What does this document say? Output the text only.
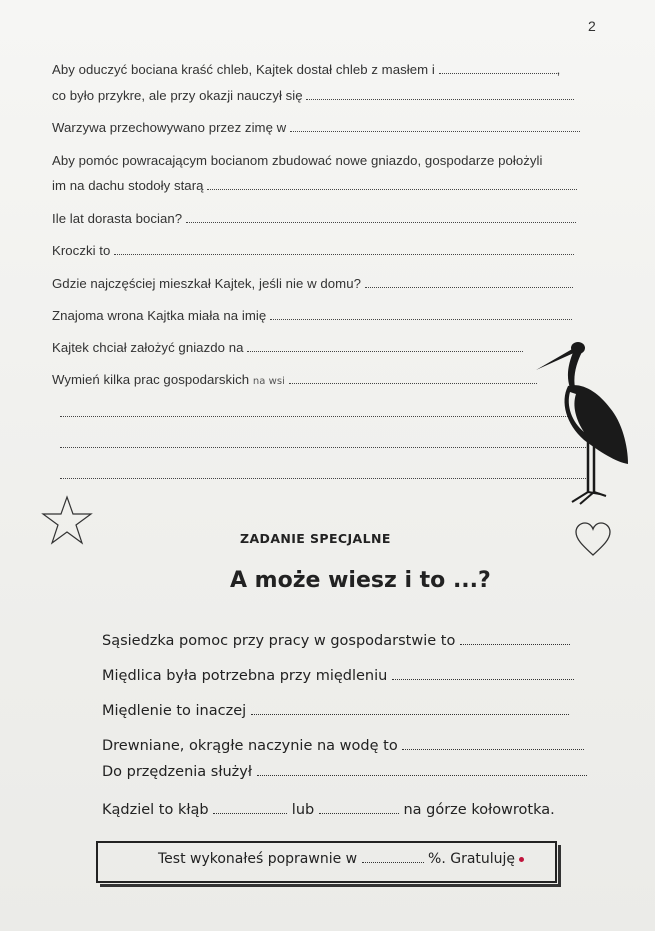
2
Aby oduczyć bociana kraść chleb, Kajtek dostał chleb z masłem i	,
co było przykre, ale przy okazji nauczył się
Warzywa przechowywano przez zimę w
Aby pomóc powracającym bocianom zbudować nowe gniazdo, gospodarze położyli
im na dachu stodoły starą
Ile lat dorasta bocian?
Kroczki to
Gdzie najczęściej mieszkał Kajtek, jeśli nie w domu?
Znajoma wrona Kajtka miała na imię
Kajtek chciał założyć gniazdo na
Wymień kilka prac gospodarskich na wsi
ZADANIE SPECJALNE
A może wiesz i to ...?
Sąsiedzka pomoc przy pracy w gospodarstwie to
Międlica była potrzebna przy międleniu
Międlenie to inaczej
Drewniane, okrągłe naczynie na wodę to
Do przędzenia służył
Kądziel to kłąb	lub	na górze kołowrotka.
Test wykonałeś poprawnie w	%. Gratuluję
